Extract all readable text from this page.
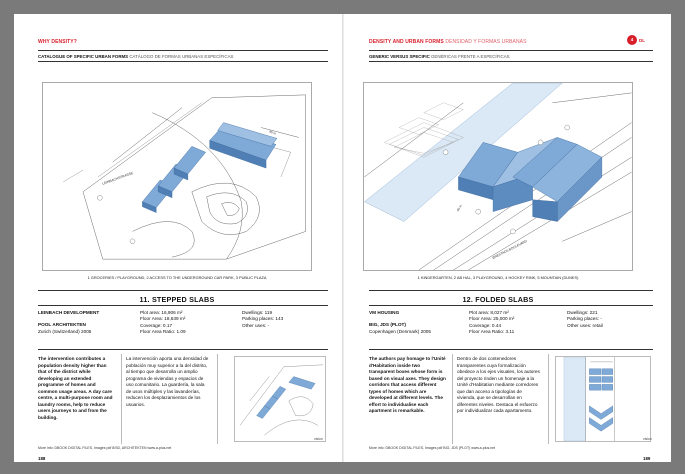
WHY DENSITY?
CATALOGUE OF SPECIFIC URBAN FORMS CATÁLOGO DE FORMAS URBANAS ESPECÍFICAS
LEINBACHSTRASSE
95 m
1 GROCERIES / PLAYGROUND, 2 ACCESS TO THE UNDERGROUND CAR PARK, 3 PUBLIC PLAZA
11. STEPPED SLABS
LEINBACH DEVELOPMENT
POOL ARCHITEKTEN
Zurich (Switzerland) 2005
Plot area: 16,906 m²
Floor Area: 18,639 m²
Coverage: 0.17
Floor Area Ratio: 1.09
Dwellings: 119
Parking places: 143
Other uses: -
The intervention contributes a population density higher than that of the district while developing an extended programme of homes and common usage areas. A day care centre, a multi-purpose room and laundry rooms, help to reduce users journeys to and from the building.
La intervención aporta una densidad de población muy superior a la del distrito, al tiempo que desarrolla un amplio programa de viviendas y espacios de uso comunitario. La guardería, la sala de usos múltiples y las lavanderías, reducen los desplazamientos de los usuarios.
vision
More info: DBOOK DIGITAL FILES, Images pdf 8/SD, ARCHITEKTEN www.a-plus.net
188
DENSITY AND URBAN FORMS DENSIDAD Y FORMAS URBANAS	4	DL
GENERIC VERSUS SPECIFIC GENÉRICAS FRENTE A ESPECÍFICAS
ØRESTADS BOULEVARD
40 m
1 KINDERGARTEN, 2 AB HAL, 3 PLAYGROUND, 4 HOCKEY RINK, 5 MOUNTAIN (DUNES)
12. FOLDED SLABS
VM HOUSING
BIG, JDS (PLOT)
Copenhagen (Denmark) 2005
Plot area: 8,027 m²
Floor Area: 25,000 m²
Coverage: 0.44
Floor Area Ratio: 3.11
Dwellings: 221
Parking places: -
Other uses: retail
The authors pay homage to l'Unité d'Habitation inside two transparent boxes whose form is based on visual axes. They design corridors that access different types of homes which are developed at different levels. The effort to individualise each apartment is remarkable.
Dentro de dos contenedores transparentes cuya formalización obedece a los ejes visuales, los autores del proyecto rinden un homenaje a la Unité d'Habitation mediante corredores que dan acceso a tipologías de vivienda, que se desarrollan en diferentes niveles. Destaca el esfuerzo por individualizar cada apartamento.
vision
More info: DBOOK DIGITAL FILES, Images pdf BIG, JDS (PLOT) www.a-plus.net
189
